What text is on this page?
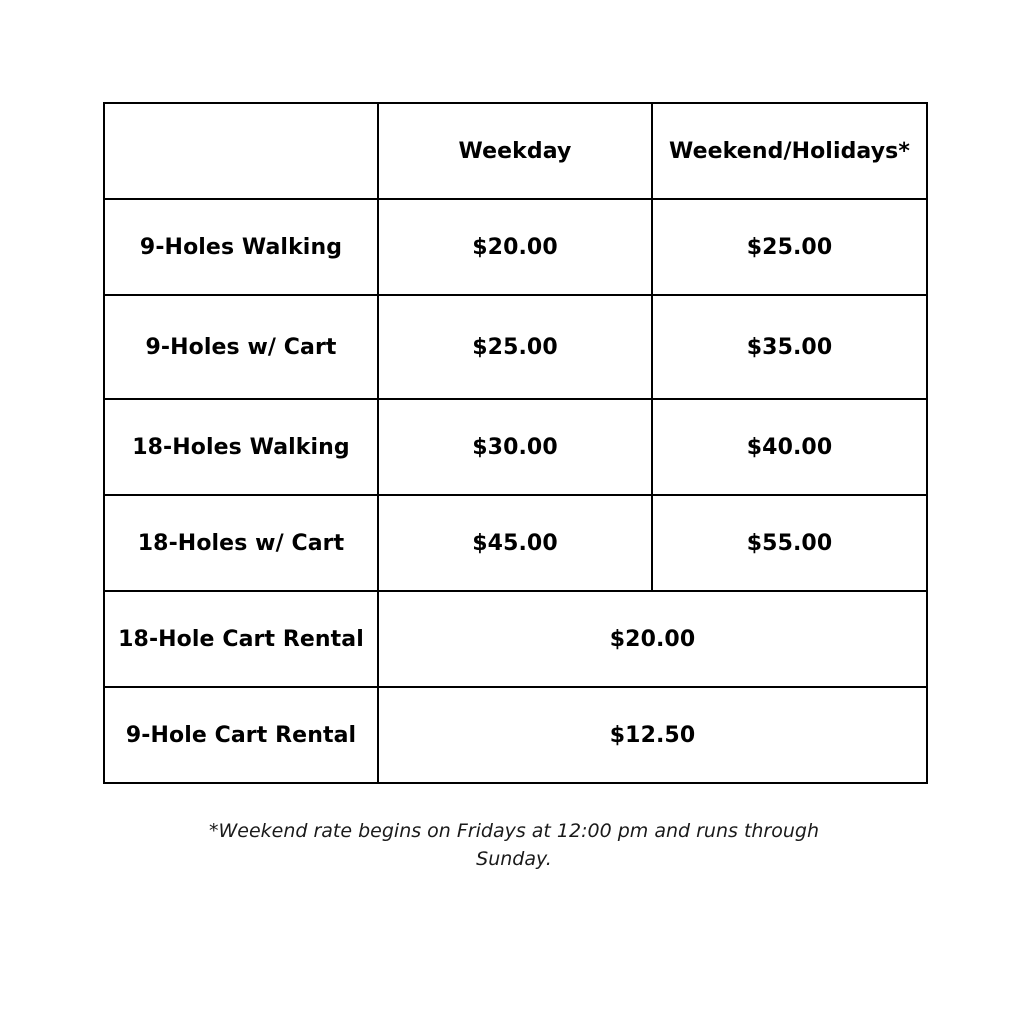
	Weekday	Weekend/Holidays*
9-Holes Walking	$20.00	$25.00
9-Holes w/ Cart	$25.00	$35.00
18-Holes Walking	$30.00	$40.00
18-Holes w/ Cart	$45.00	$55.00
18-Hole Cart Rental	$20.00	
9-Hole Cart Rental	$12.50	
*Weekend rate begins on Fridays at 12:00 pm and runs through Sunday.
